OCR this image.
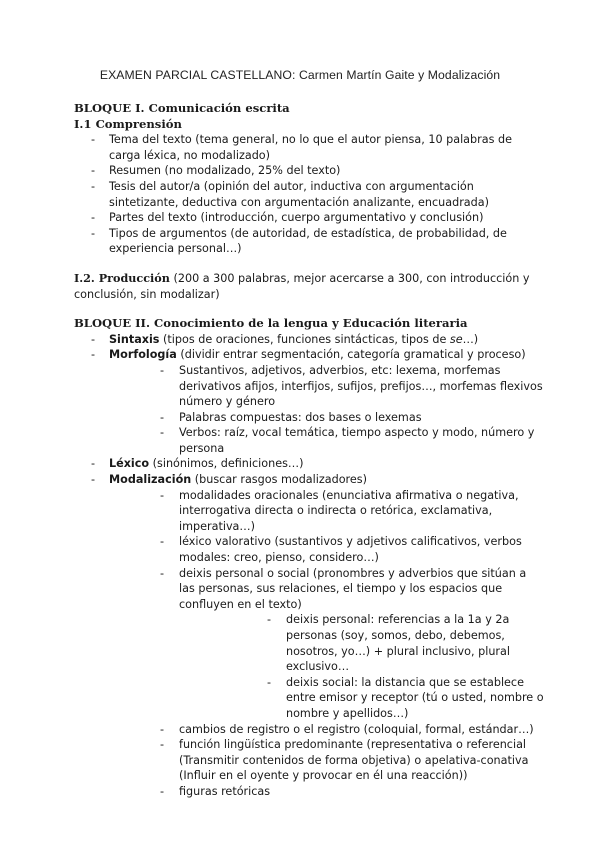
EXAMEN PARCIAL CASTELLANO: Carmen Martín Gaite y Modalización

BLOQUE I. Comunicación escrita

I.1 Comprensión

- Tema del texto (tema general, no lo que el autor piensa, 10 palabras de carga léxica, no modalizado)
- Resumen (no modalizado, 25% del texto)
- Tesis del autor/a (opinión del autor, inductiva con argumentación sintetizante, deductiva con argumentación analizante, encuadrada)
- Partes del texto (introducción, cuerpo argumentativo y conclusión)
- Tipos de argumentos (de autoridad, de estadística, de probabilidad, de experiencia personal…)

I.2. Producción (200 a 300 palabras, mejor acercarse a 300, con introducción y conclusión, sin modalizar)

BLOQUE II. Conocimiento de la lengua y Educación literaria

- Sintaxis (tipos de oraciones, funciones sintácticas, tipos de se…)
- Morfología (dividir entrar segmentación, categoría gramatical y proceso)
- Sustantivos, adjetivos, adverbios, etc: lexema, morfemas derivativos afijos, interfijos, sufijos, prefijos…, morfemas flexivos número y género
- Palabras compuestas: dos bases o lexemas
- Verbos: raíz, vocal temática, tiempo aspecto y modo, número y persona
- Léxico (sinónimos, definiciones…)
- Modalización (buscar rasgos modalizadores)
- modalidades oracionales (enunciativa afirmativa o negativa, interrogativa directa o indirecta o retórica, exclamativa, imperativa…)
- léxico valorativo (sustantivos y adjetivos calificativos, verbos modales: creo, pienso, considero…)
- deixis personal o social (pronombres y adverbios que sitúan a las personas, sus relaciones, el tiempo y los espacios que confluyen en el texto)
- deixis personal: referencias a la 1a y 2a personas (soy, somos, debo, debemos, nosotros, yo…) + plural inclusivo, plural exclusivo…
- deixis social: la distancia que se establece entre emisor y receptor (tú o usted, nombre o nombre y apellidos…)
- cambios de registro o el registro (coloquial, formal, estándar…)
- función lingüística predominante (representativa o referencial (Transmitir contenidos de forma objetiva) o apelativa-conativa (Influir en el oyente y provocar en él una reacción))
- figuras retóricas
